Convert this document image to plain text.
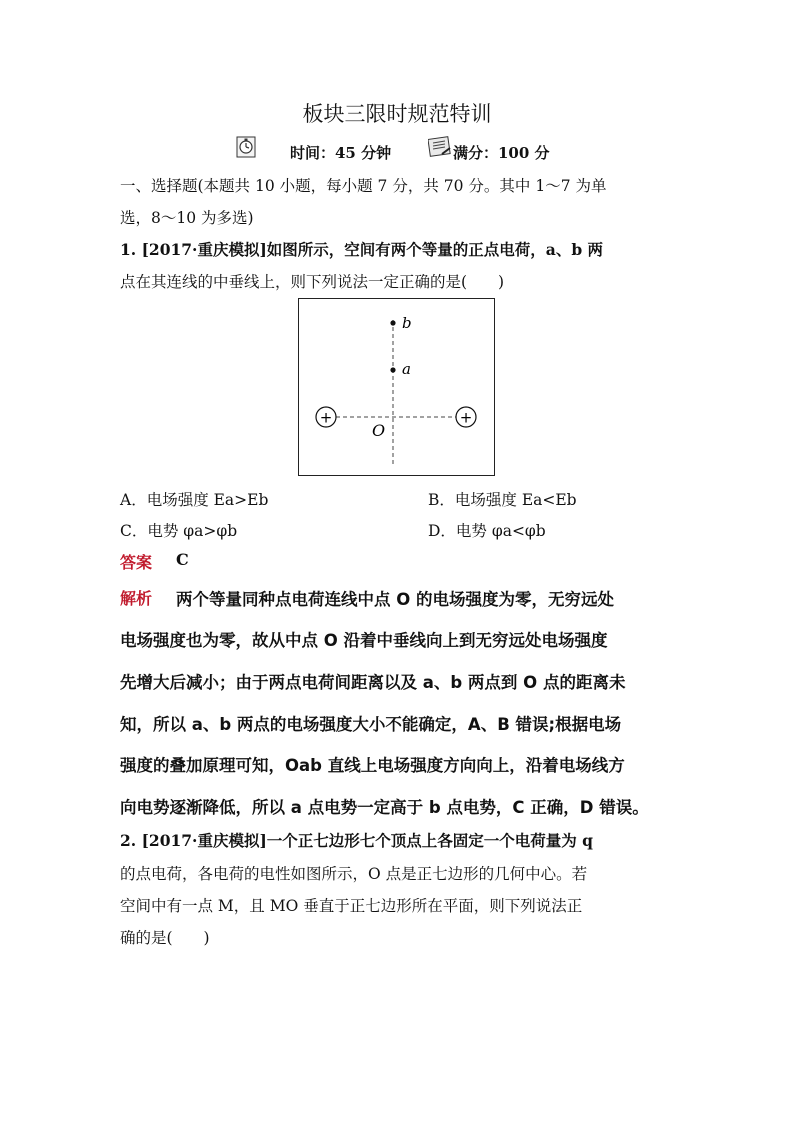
板块三限时规范特训
时间：45 分钟	满分：100 分
一、选择题(本题共 10 小题，每小题 7 分，共 70 分。其中 1～7 为单
选，8～10 为多选)
1. [2017·重庆模拟]如图所示，空间有两个等量的正点电荷，a、b 两
点在其连线的中垂线上，则下列说法一定正确的是(　　)
b
a
O
+	+
A．电场强度 Ea>Eb	B．电场强度 Ea<Eb
C．电势 φa>φb	D．电势 φa<φb
答案 C
解析 两个等量同种点电荷连线中点 O 的电场强度为零，无穷远处
电场强度也为零，故从中点 O 沿着中垂线向上到无穷远处电场强度
先增大后减小；由于两点电荷间距离以及 a、b 两点到 O 点的距离未
知，所以 a、b 两点的电场强度大小不能确定，A、B 错误;根据电场
强度的叠加原理可知，Oab 直线上电场强度方向向上，沿着电场线方
向电势逐渐降低，所以 a 点电势一定高于 b 点电势，C 正确，D 错误。
2. [2017·重庆模拟]一个正七边形七个顶点上各固定一个电荷量为 q
的点电荷，各电荷的电性如图所示，O 点是正七边形的几何中心。若
空间中有一点 M，且 MO 垂直于正七边形所在平面，则下列说法正
确的是(　　)
